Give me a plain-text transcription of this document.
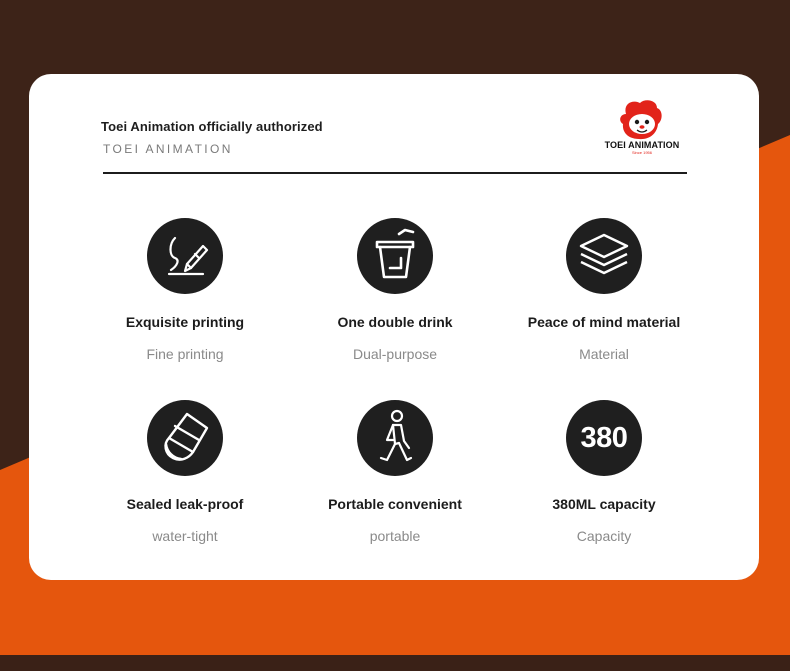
Toei Animation officially authorized
TOEI ANIMATION	TOEI ANIMATION
Since 1956
Exquisite printing
Fine printing
One double drink
Dual-purpose
Peace of mind material
Material
Sealed leak-proof
water-tight
Portable convenient
portable
380
380ML capacity
Capacity
